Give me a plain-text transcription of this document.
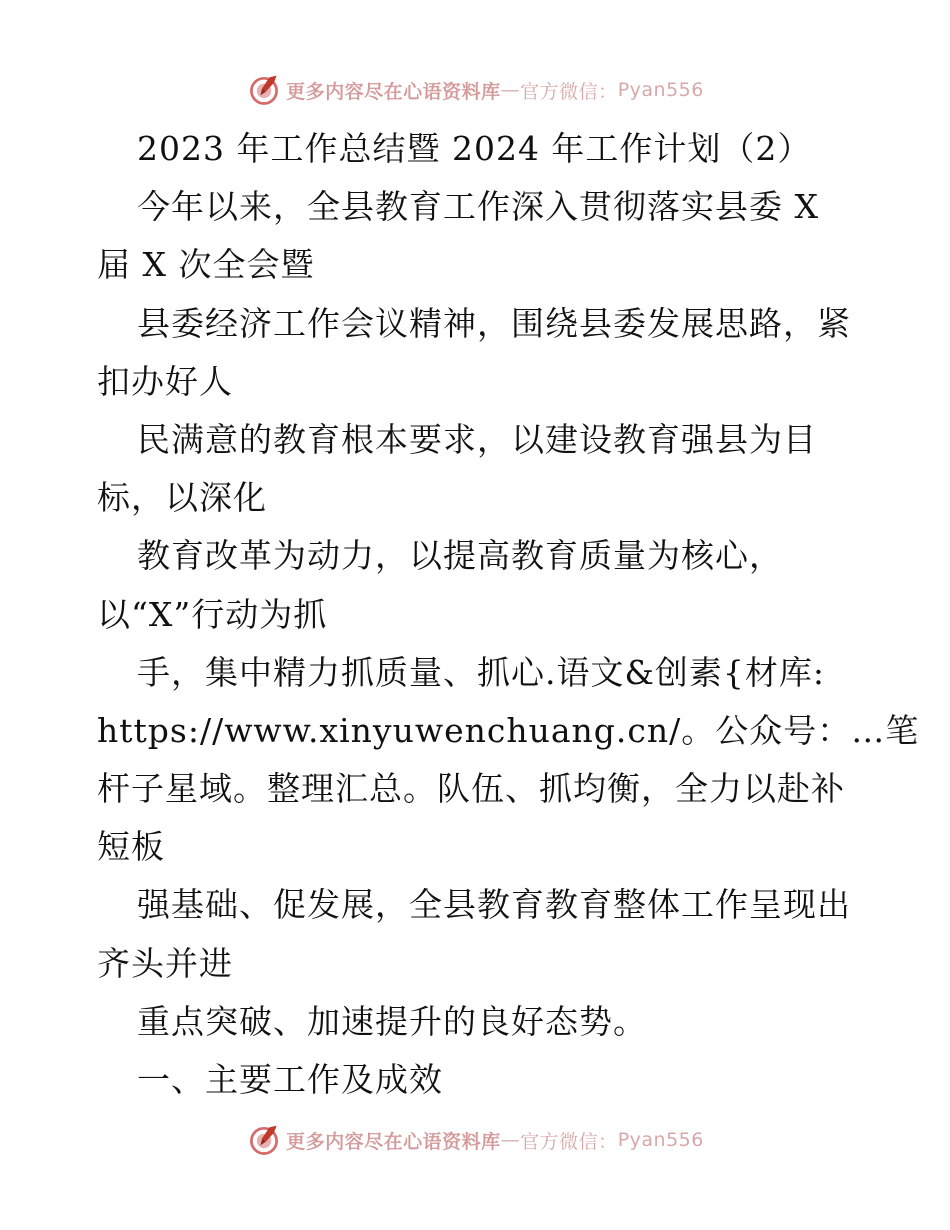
更多内容尽在心语资料库 — 官方微信： Pyan556
2023 年工作总结暨 2024 年工作计划（2）
今年以来，全县教育工作深入贯彻落实县委 X
届 X 次全会暨
县委经济工作会议精神，围绕县委发展思路，紧
扣办好人
民满意的教育根本要求，以建设教育强县为目
标，以深化
教育改革为动力，以提高教育质量为核心，
以“X”行动为抓
手，集中精力抓质量、抓心.语文&创素{材库:
https://www.xinyuwenchuang.cn/。公众号：…笔
杆子星域。整理汇总。队伍、抓均衡，全力以赴补
短板
强基础、促发展，全县教育教育整体工作呈现出
齐头并进
重点突破、加速提升的良好态势。
一、主要工作及成效
更多内容尽在心语资料库 — 官方微信： Pyan556
